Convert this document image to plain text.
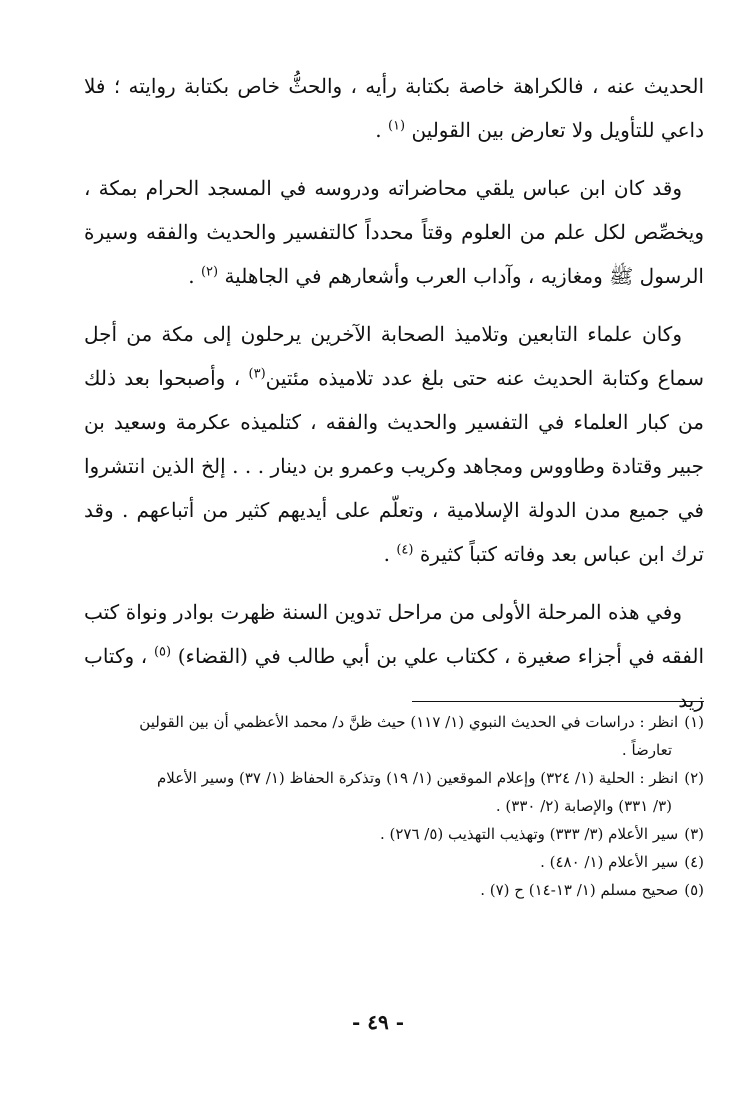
الحديث عنه ، فالكراهة خاصة بكتابة رأيه ، والحثُّ خاص بكتابة روايته ؛ فلا داعي للتأويل ولا تعارض بين القولين $^{(١)}$ .

وقد كان ابن عباس يلقي محاضراته ودروسه في المسجد الحرام بمكة ، ويخصِّص لكل علم من العلوم وقتاً محدداً كالتفسير والحديث والفقه وسيرة الرسول ﷺ ومغازيه ، وآداب العرب وأشعارهم في الجاهلية $^{(٢)}$ .

وكان علماء التابعين وتلاميذ الصحابة الآخرين يرحلون إلى مكة من أجل سماع وكتابة الحديث عنه حتى بلغ عدد تلاميذه مئتين$^{(٣)}$ ، وأصبحوا بعد ذلك من كبار العلماء في التفسير والحديث والفقه ، كتلميذه عكرمة وسعيد بن جبير وقتادة وطاووس ومجاهد وكريب وعمرو بن دينار . . . إلخ الذين انتشروا في جميع مدن الدولة الإسلامية ، وتعلّم على أيديهم كثير من أتباعهم . وقد ترك ابن عباس بعد وفاته كتباً كثيرة $^{(٤)}$ .

وفي هذه المرحلة الأولى من مراحل تدوين السنة ظهرت بوادر ونواة كتب الفقه في أجزاء صغيرة ، ككتاب علي بن أبي طالب في (القضاء) $^{(٥)}$ ، وكتاب زيد

(١)انظر : دراسات في الحديث النبوي (١/ ١١٧) حيث ظنَّ د/ محمد الأعظمي أن بين القولين
تعارضاً .
(٢)انظر : الحلية (١/ ٣٢٤) وإعلام الموقعين (١/ ١٩) وتذكرة الحفاظ (١/ ٣٧) وسير الأعلام
(٣/ ٣٣١) والإصابة (٢/ ٣٣٠) .
(٣)سير الأعلام (٣/ ٣٣٣) وتهذيب التهذيب (٥/ ٢٧٦) .
(٤)سير الأعلام (١/ ٤٨٠) .
(٥)صحيح مسلم (١/ ١٣-١٤) ح (٧) .
- ٤٩ -
